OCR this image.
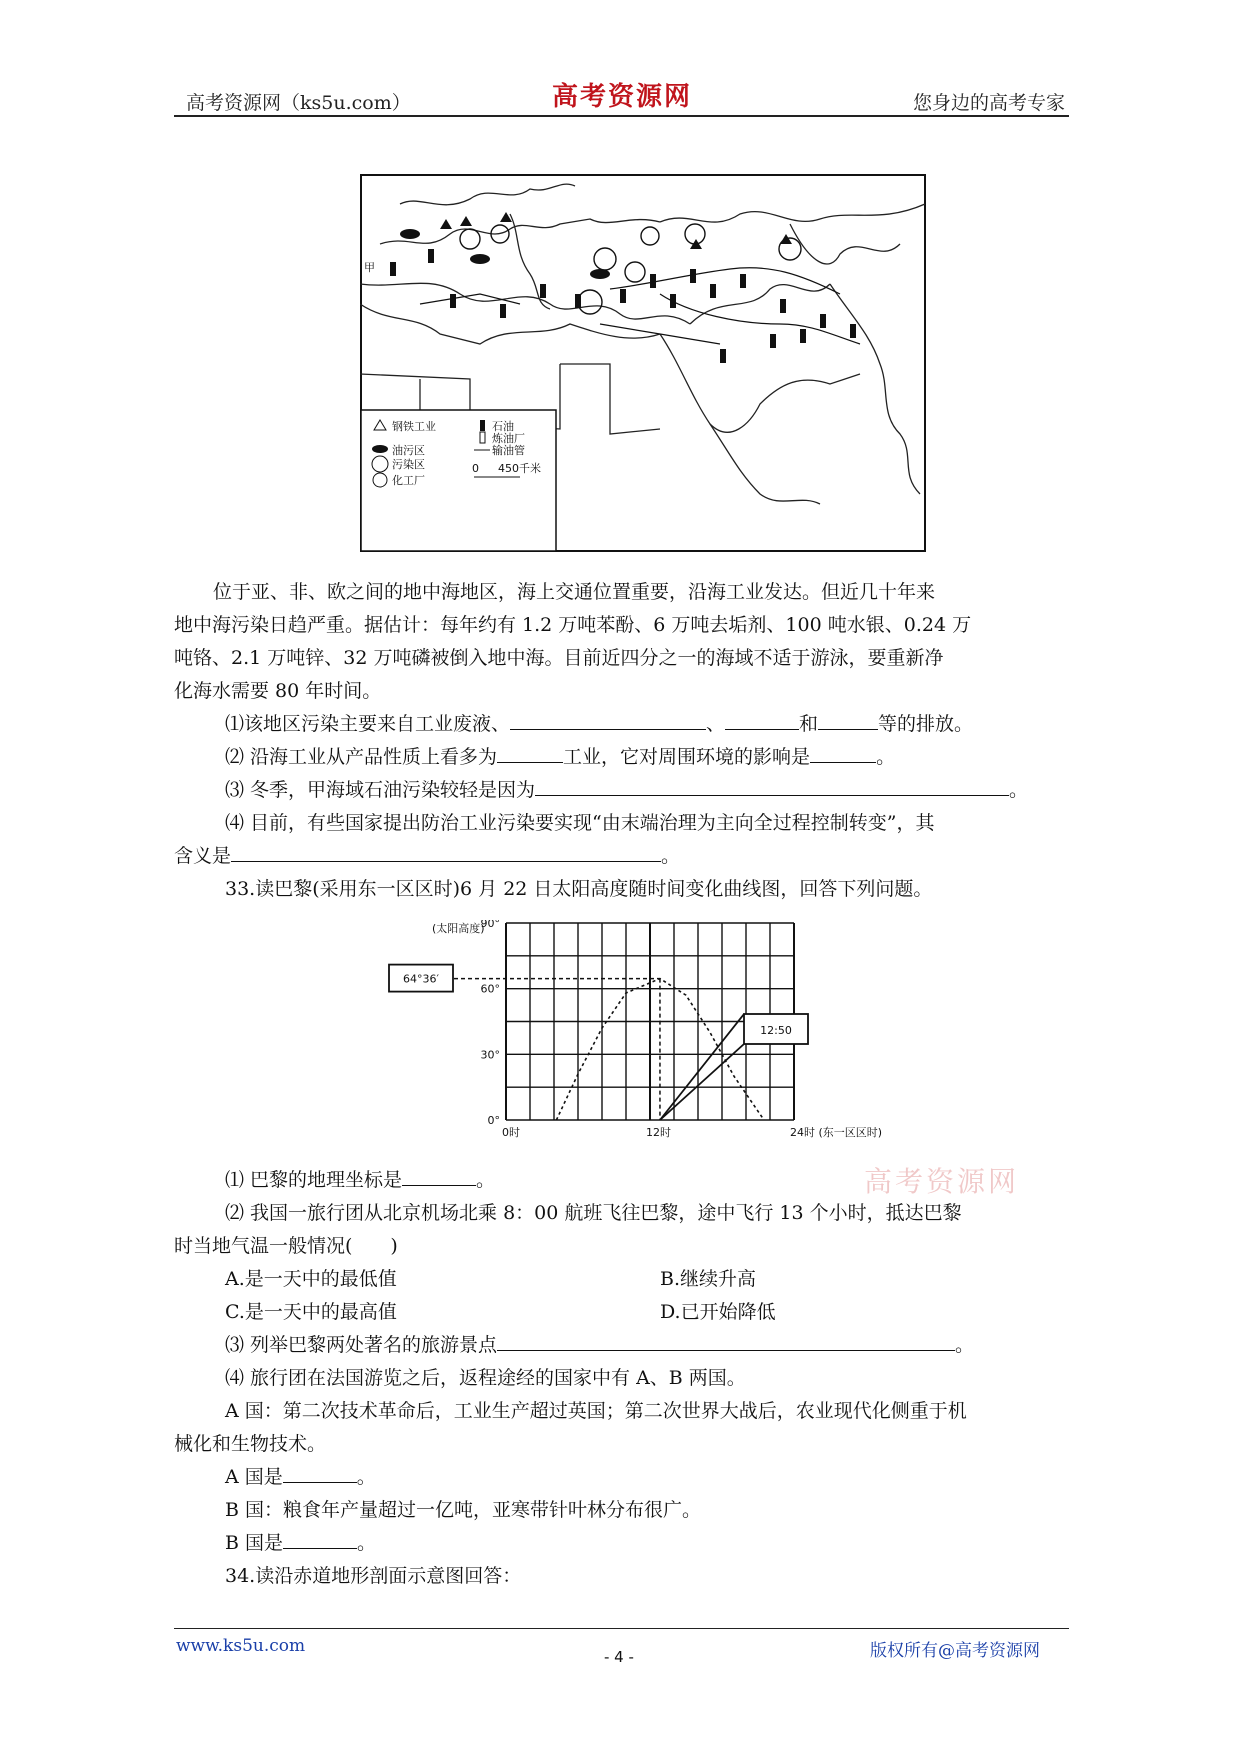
高考资源网（ks5u.com）	高考资源网	您身边的高考专家
甲
钢铁工业	石油
油污区
炼油厂
污染区
输油管
化工厂
0 450千米
位于亚、非、欧之间的地中海地区，海上交通位置重要，沿海工业发达。但近几十年来
地中海污染日趋严重。据估计：每年约有 1.2 万吨苯酚、6 万吨去垢剂、100 吨水银、0.24 万
吨铬、2.1 万吨锌、32 万吨磷被倒入地中海。目前近四分之一的海域不适于游泳，要重新净
化海水需要 80 年时间。
⑴该地区污染主要来自工业废液、	、	和	等的排放。
⑵ 沿海工业从产品性质上看多为	工业，它对周围环境的影响是	。
⑶ 冬季，甲海域石油污染较轻是因为	。
⑷ 目前，有些国家提出防治工业污染要实现“由末端治理为主向全过程控制转变”，其
含义是	。
33.读巴黎(采用东一区区时)6 月 22 日太阳高度随时间变化曲线图，回答下列问题。
0°
30°
60°
90°
(太阳高度)
0时	12时	24时 (东一区区时)
64°36′
12:50
⑴ 巴黎的地理坐标是	。
⑵ 我国一旅行团从北京机场北乘 8：00 航班飞往巴黎，途中飞行 13 个小时，抵达巴黎
时当地气温一般情况(　　)
A.是一天中的最低值	B.继续升高
C.是一天中的最高值	D.已开始降低
⑶ 列举巴黎两处著名的旅游景点	。
⑷ 旅行团在法国游览之后，返程途经的国家中有 A、B 两国。
A 国：第二次技术革命后，工业生产超过英国；第二次世界大战后，农业现代化侧重于机
械化和生物技术。
A 国是	。
B 国：粮食年产量超过一亿吨，亚寒带针叶林分布很广。
B 国是	。
34.读沿赤道地形剖面示意图回答：
高考资源网
www.ks5u.com
- 4 -	版权所有@高考资源网
